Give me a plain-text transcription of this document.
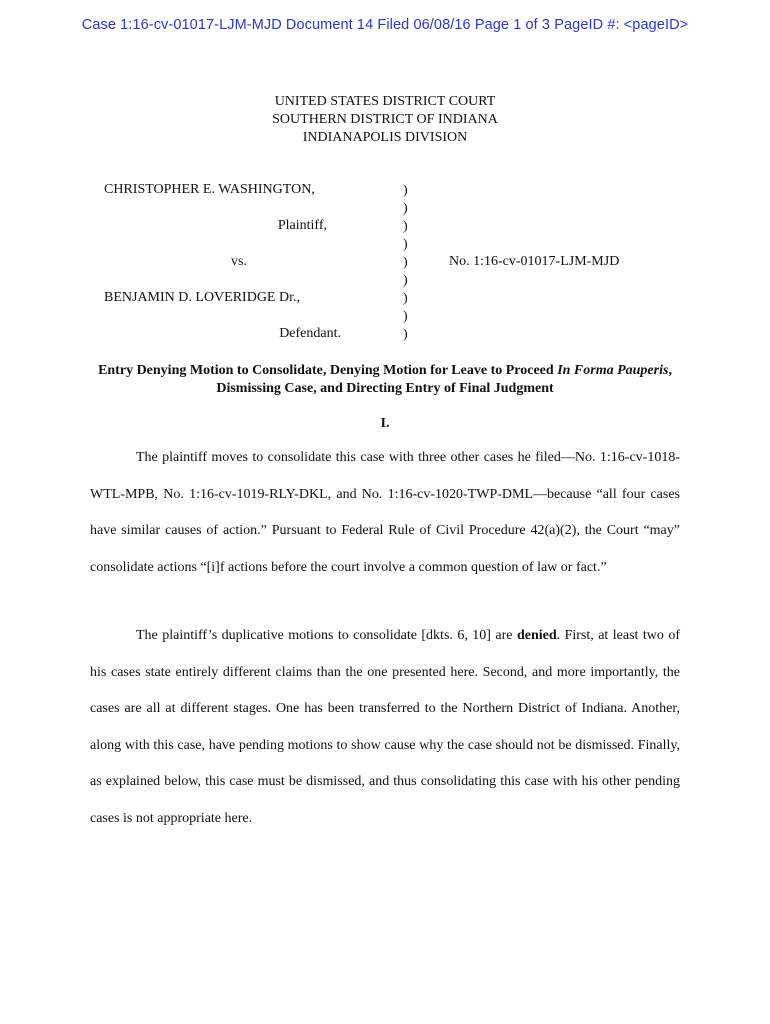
Case 1:16-cv-01017-LJM-MJD Document 14 Filed 06/08/16 Page 1 of 3 PageID #: <pageID>
UNITED STATES DISTRICT COURT
SOUTHERN DISTRICT OF INDIANA
INDIANAPOLIS DIVISION
CHRISTOPHER E. WASHINGTON,
Plaintiff,
vs.
BENJAMIN D. LOVERIDGE Dr.,
Defendant.
)
)
)
)
)
)
)
)
)
No. 1:16-cv-01017-LJM-MJD
Entry Denying Motion to Consolidate, Denying Motion for Leave to Proceed In Forma Pauperis, Dismissing Case, and Directing Entry of Final Judgment
I.

The plaintiff moves to consolidate this case with three other cases he filed—No. 1:16-cv-1018-WTL-MPB, No. 1:16-cv-1019-RLY-DKL, and No. 1:16-cv-1020-TWP-DML—because “all four cases have similar causes of action.” Pursuant to Federal Rule of Civil Procedure 42(a)(2), the Court “may” consolidate actions “[i]f actions before the court involve a common question of law or fact.”

The plaintiff’s duplicative motions to consolidate [dkts. 6, 10] are denied. First, at least two of his cases state entirely different claims than the one presented here. Second, and more importantly, the cases are all at different stages. One has been transferred to the Northern District of Indiana. Another, along with this case, have pending motions to show cause why the case should not be dismissed. Finally, as explained below, this case must be dismissed, and thus consolidating this case with his other pending cases is not appropriate here.
